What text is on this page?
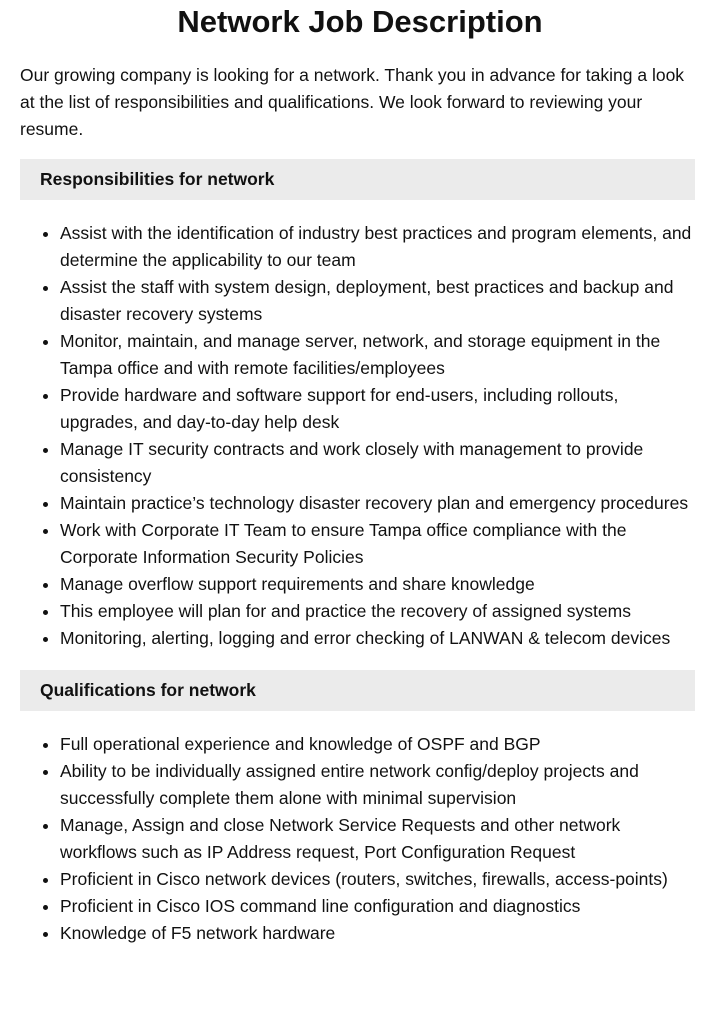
Network Job Description

Our growing company is looking for a network. Thank you in advance for taking a look at the list of responsibilities and qualifications. We look forward to reviewing your resume.

Responsibilities for network
• Assist with the identification of industry best practices and program elements, and determine the applicability to our team
• Assist the staff with system design, deployment, best practices and backup and disaster recovery systems
• Monitor, maintain, and manage server, network, and storage equipment in the Tampa office and with remote facilities/employees
• Provide hardware and software support for end-users, including rollouts, upgrades, and day-to-day help desk
• Manage IT security contracts and work closely with management to provide consistency
• Maintain practice’s technology disaster recovery plan and emergency procedures
• Work with Corporate IT Team to ensure Tampa office compliance with the Corporate Information Security Policies
• Manage overflow support requirements and share knowledge
• This employee will plan for and practice the recovery of assigned systems
• Monitoring, alerting, logging and error checking of LANWAN & telecom devices
Qualifications for network
• Full operational experience and knowledge of OSPF and BGP
• Ability to be individually assigned entire network config/deploy projects and successfully complete them alone with minimal supervision
• Manage, Assign and close Network Service Requests and other network workflows such as IP Address request, Port Configuration Request
• Proficient in Cisco network devices (routers, switches, firewalls, access-points)
• Proficient in Cisco IOS command line configuration and diagnostics
• Knowledge of F5 network hardware
